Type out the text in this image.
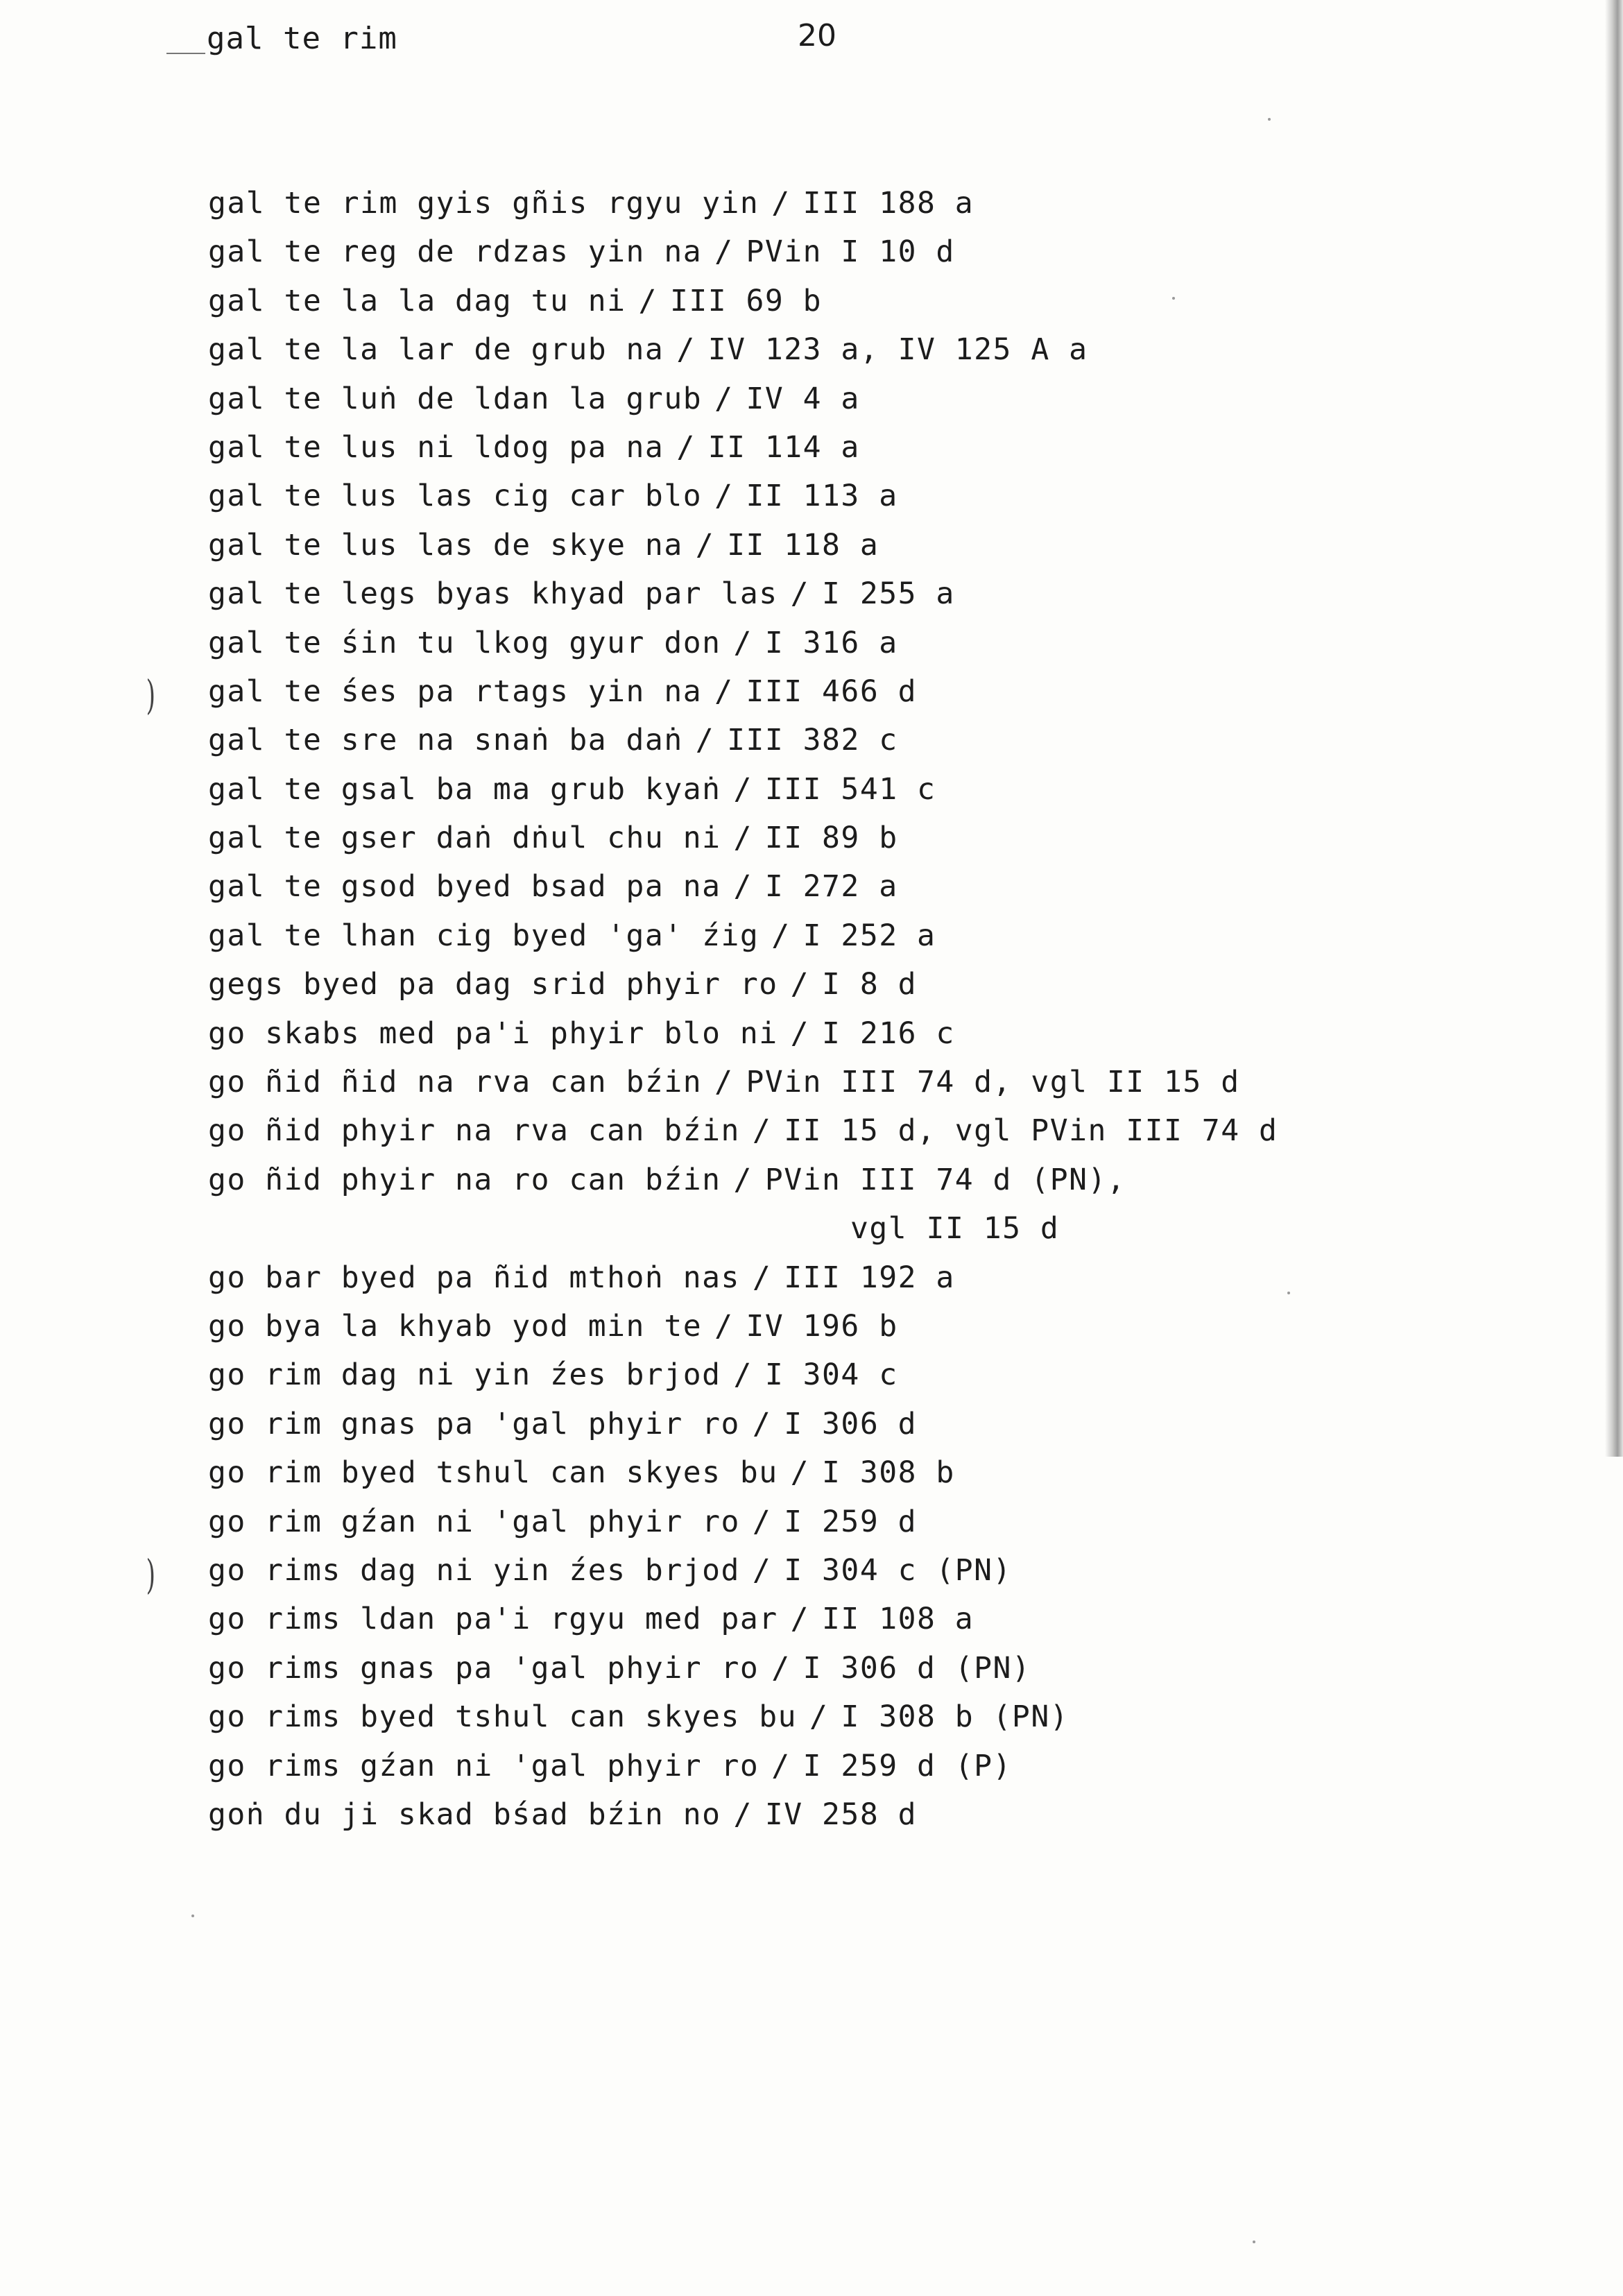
gal te rim	20
)
)
gal te rim gyis gñis rgyu yin / III 188 a
gal te reg de rdzas yin na / PVin I 10 d
gal te la la dag tu ni / III 69 b
gal te la lar de grub na / IV 123 a, IV 125 A a
gal te luṅ de ldan la grub / IV 4 a
gal te lus ni ldog pa na / II 114 a
gal te lus las cig car blo / II 113 a
gal te lus las de skye na / II 118 a
gal te legs byas khyad par las / I 255 a
gal te śin tu lkog gyur don / I 316 a
gal te śes pa rtags yin na / III 466 d
gal te sre na snaṅ ba daṅ / III 382 c
gal te gsal ba ma grub kyaṅ / III 541 c
gal te gser daṅ dṅul chu ni / II 89 b
gal te gsod byed bsad pa na / I 272 a
gal te lhan cig byed 'ga' źig / I 252 a
gegs byed pa dag srid phyir ro / I 8 d
go skabs med pa'i phyir blo ni / I 216 c
go ñid ñid na rva can bźin / PVin III 74 d, vgl II 15 d
go ñid phyir na rva can bźin / II 15 d, vgl PVin III 74 d
go ñid phyir na ro can bźin / PVin III 74 d (PN),
vgl II 15 d
go bar byed pa ñid mthoṅ nas / III 192 a
go bya la khyab yod min te / IV 196 b
go rim dag ni yin źes brjod / I 304 c
go rim gnas pa 'gal phyir ro / I 306 d
go rim byed tshul can skyes bu / I 308 b
go rim gźan ni 'gal phyir ro / I 259 d
go rims dag ni yin źes brjod / I 304 c (PN)
go rims ldan pa'i rgyu med par / II 108 a
go rims gnas pa 'gal phyir ro / I 306 d (PN)
go rims byed tshul can skyes bu / I 308 b (PN)
go rims gźan ni 'gal phyir ro / I 259 d (P)
goṅ du ji skad bśad bźin no / IV 258 d
